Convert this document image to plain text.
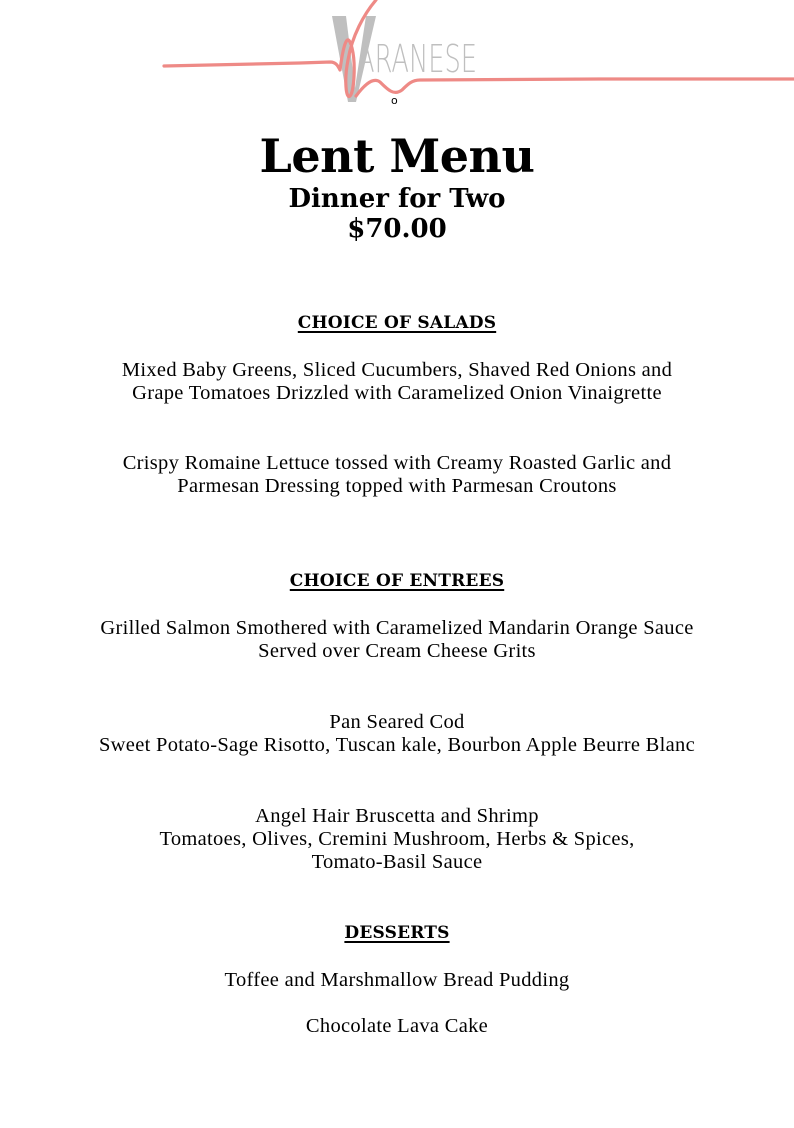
ARANESE
o
Lent Menu
Dinner for Two
$70.00
CHOICE OF SALADS
Mixed Baby Greens, Sliced Cucumbers, Shaved Red Onions and
Grape Tomatoes Drizzled with Caramelized Onion Vinaigrette
Crispy Romaine Lettuce tossed with Creamy Roasted Garlic and
Parmesan Dressing topped with Parmesan Croutons
CHOICE OF ENTREES
Grilled Salmon Smothered with Caramelized Mandarin Orange Sauce
Served over Cream Cheese Grits
Pan Seared Cod
Sweet Potato-Sage Risotto, Tuscan kale, Bourbon Apple Beurre Blanc
Angel Hair Bruscetta and Shrimp
Tomatoes, Olives, Cremini Mushroom, Herbs & Spices,
Tomato-Basil Sauce
DESSERTS
Toffee and Marshmallow Bread Pudding
Chocolate Lava Cake
